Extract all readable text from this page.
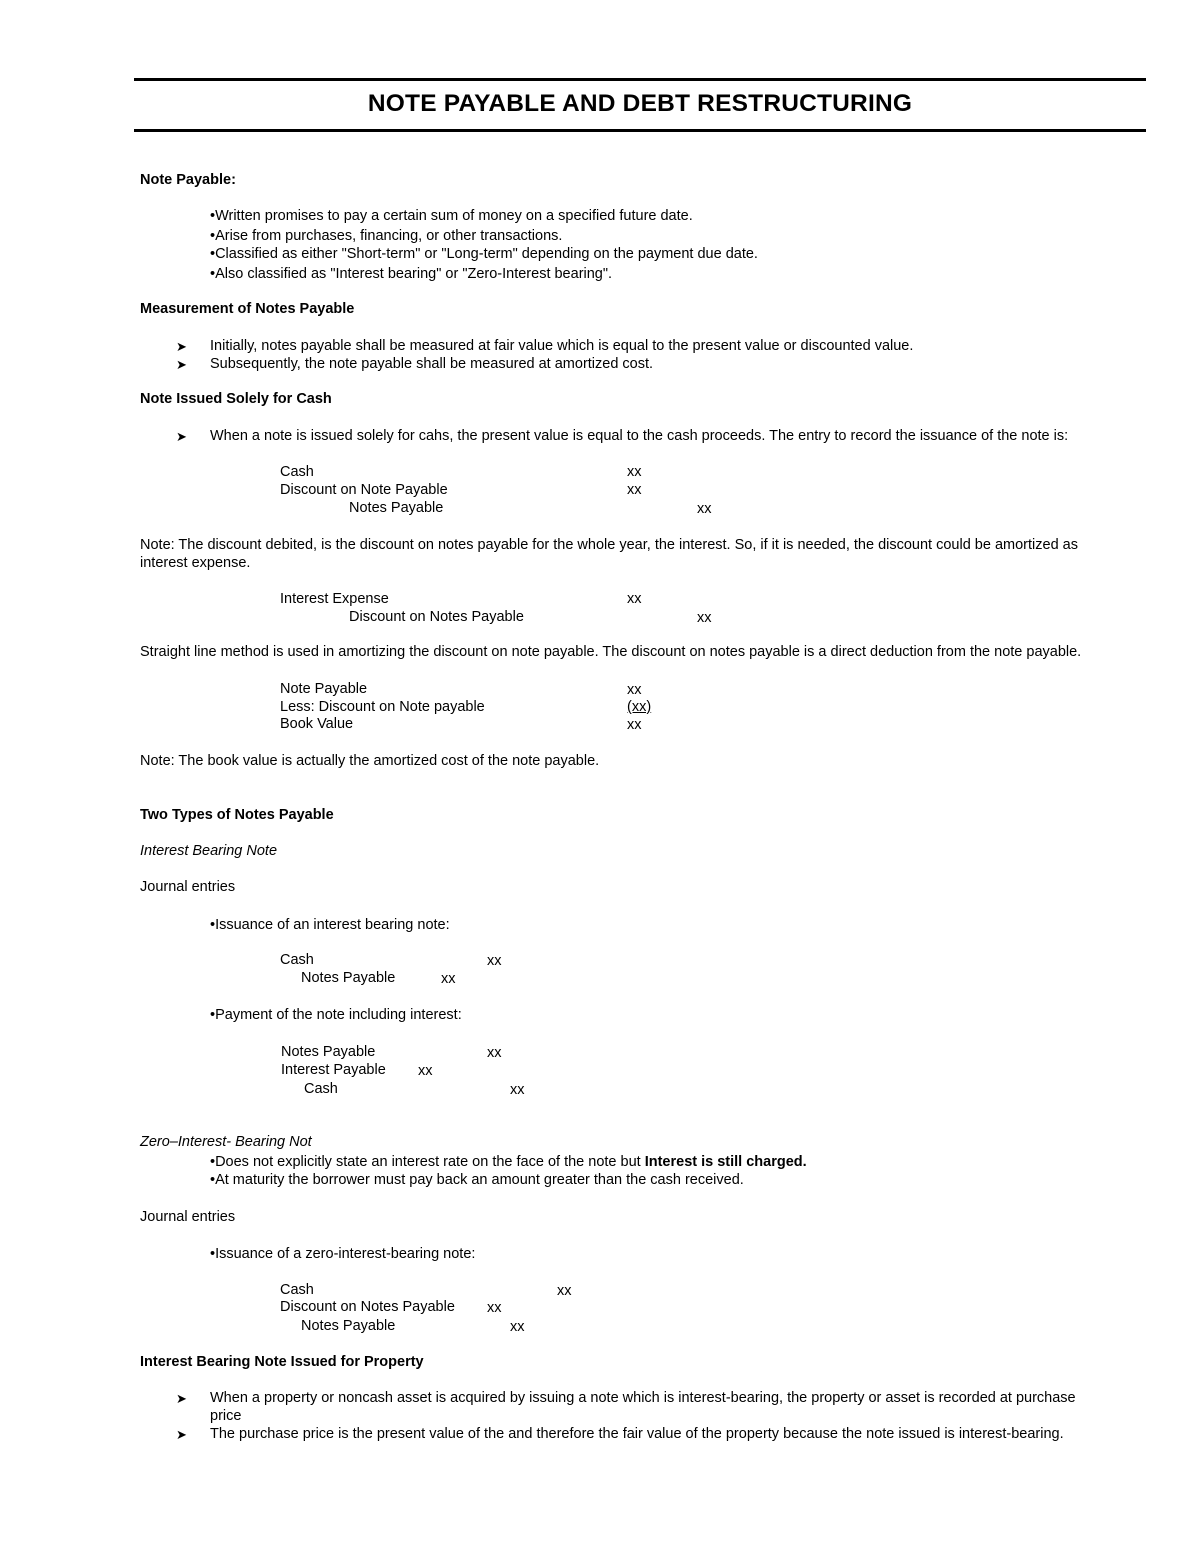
NOTE PAYABLE AND DEBT RESTRUCTURING
Note Payable:
•Written promises to pay a certain sum of money on a specified future date.
•Arise from purchases, financing, or other transactions.
•Classified as either "Short-term" or "Long-term" depending on the payment due date.
•Also classified as "Interest bearing" or "Zero-Interest bearing".
Measurement of Notes Payable
➤ Initially, notes payable shall be measured at fair value which is equal to the present value or discounted value.
➤ Subsequently, the note payable shall be measured at amortized cost.
Note Issued Solely for Cash
➤ When a note is issued solely for cahs, the present value is equal to the cash proceeds. The entry to record the issuance of the note is:
Cash	xx
Discount on Note Payable	xx
Notes Payable	xx
Note: The discount debited, is the discount on notes payable for the whole year, the interest. So, if it is needed, the discount could be amortized as interest expense.
Interest Expense	xx
Discount on Notes Payable	xx
Straight line method is used in amortizing the discount on note payable. The discount on notes payable is a direct deduction from the note payable.
Note Payable	xx
Less: Discount on Note payable	(xx)
Book Value	xx
Note: The book value is actually the amortized cost of the note payable.
Two Types of Notes Payable
Interest Bearing Note
Journal entries
•Issuance of an interest bearing note:
Cash	xx
Notes Payable	xx
•Payment of the note including interest:
Notes Payable	xx
Interest Payable xx
Cash	xx
Zero–Interest- Bearing Not
•Does not explicitly state an interest rate on the face of the note but Interest is still charged.
•At maturity the borrower must pay back an amount greater than the cash received.
Journal entries
•Issuance of a zero-interest-bearing note:
Cash	xx
Discount on Notes Payable xx
Notes Payable	xx
Interest Bearing Note Issued for Property
➤ When a property or noncash asset is acquired by issuing a note which is interest-bearing, the property or asset is recorded at purchase price
➤ The purchase price is the present value of the and therefore the fair value of the property because the note issued is interest-bearing.
